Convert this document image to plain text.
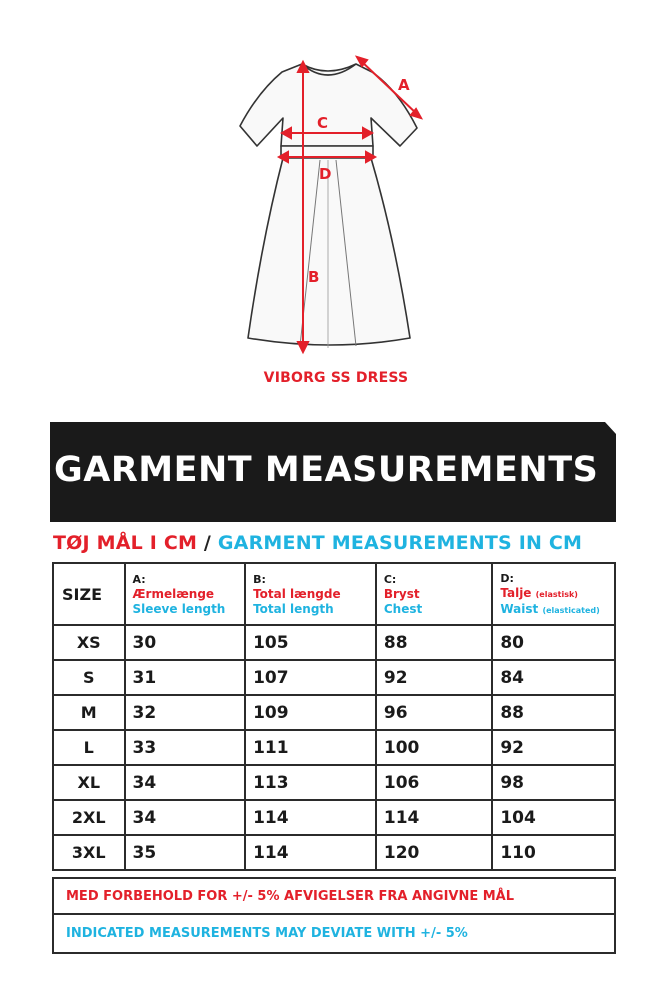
A
C
D
B
VIBORG SS DRESS
GARMENT MEASUREMENTS
TØJ MÅL I CM / GARMENT MEASUREMENTS IN CM
SIZE	A:
Ærmelænge
Sleeve length	B:
Total længde
Total length	C:
Bryst
Chest	D:
Talje (elastisk)
Waist (elasticated)

XS	30	105	88	80
S	31	107	92	84
M	32	109	96	88
L	33	111	100	92
XL	34	113	106	98
2XL	34	114	114	104
3XL	35	114	120	110
MED FORBEHOLD FOR +/- 5% AFVIGELSER FRA ANGIVNE MÅL
INDICATED MEASUREMENTS MAY DEVIATE WITH +/- 5%
